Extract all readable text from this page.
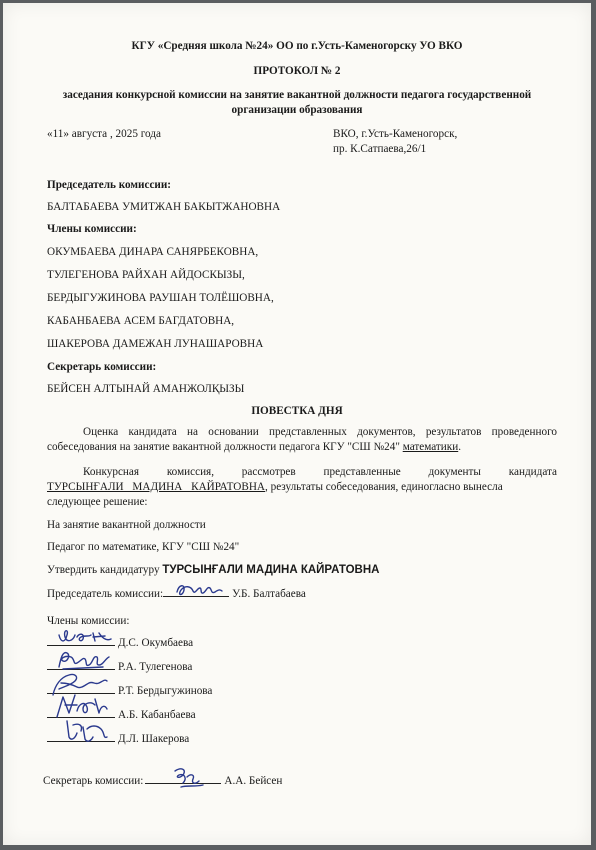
КГУ «Средняя школа №24» ОО по г.Усть-Каменогорску УО ВКО
ПРОТОКОЛ № 2
заседания конкурсной комиссии на занятие вакантной должности педагога государственной
организации образования
«11» августа , 2025 года	ВКО, г.Усть-Каменогорск,
пр. К.Сатпаева,26/1
Председатель комиссии:
БАЛТАБАЕВА УМИТЖАН БАКЫТЖАНОВНА
Члены комиссии:
ОКУМБАЕВА ДИНАРА САНЯРБЕКОВНА,
ТУЛЕГЕНОВА РАЙХАН АЙДОСКЫЗЫ,
БЕРДЫГУЖИНОВА РАУШАН ТОЛЁШОВНА,
КАБАНБАЕВА АСЕМ БАГДАТОВНА,
ШАКЕРОВА ДАМЕЖАН ЛУНАШАРОВНА
Секретарь комиссии:
БЕЙСЕН АЛТЫНАЙ АМАНЖОЛҚЫЗЫ
ПОВЕСТКА ДНЯ
Оценка кандидата на основании представленных документов, результатов проведенного собеседования на занятие вакантной должности педагога КГУ "СШ №24" математики.
Конкурсная комиссия, рассмотрев представленные документы кандидата
ТУРСЫНҒАЛИ МАДИНА КАЙРАТОВНА, результаты собеседования, единогласно вынесла
следующее решение:
На занятие вакантной должности
Педагог по математике, КГУ "СШ №24"
Утвердить кандидатуру ТУРСЫНҒАЛИ МАДИНА КАЙРАТОВНА
Председатель комиссии:	У.Б. Балтабаева
Члены комиссии:
Д.С. Окумбаева
Р.А. Тулегенова
Р.Т. Бердыгужинова
А.Б. Кабанбаева
Д.Л. Шакерова
Секретарь комиссии:	А.А. Бейсен
